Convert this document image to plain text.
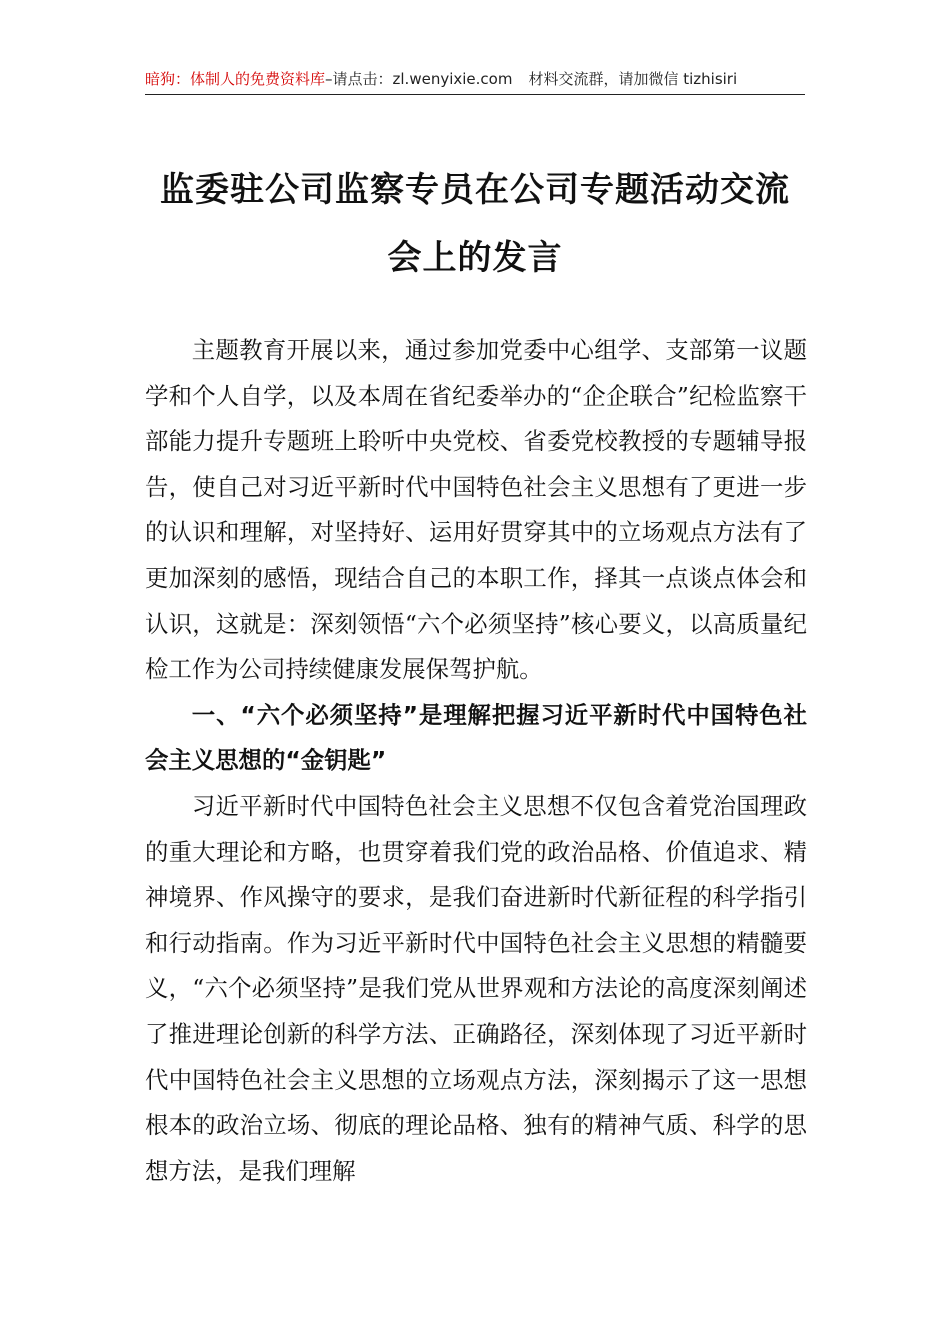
暗狗：体制人的免费资料库–请点击：zl.wenyixie.com 材料交流群，请加微信 tizhisiri
监委驻公司监察专员在公司专题活动交流
会上的发言

主题教育开展以来，通过参加党委中心组学、支部第一议题学和个人自学，以及本周在省纪委举办的“企企联合”纪检监察干部能力提升专题班上聆听中央党校、省委党校教授的专题辅导报告，使自己对习近平新时代中国特色社会主义思想有了更进一步的认识和理解，对坚持好、运用好贯穿其中的立场观点方法有了更加深刻的感悟，现结合自己的本职工作，择其一点谈点体会和认识，这就是：深刻领悟“六个必须坚持”核心要义，以高质量纪检工作为公司持续健康发展保驾护航。

一、“六个必须坚持”是理解把握习近平新时代中国特色社会主义思想的“金钥匙”

习近平新时代中国特色社会主义思想不仅包含着党治国理政的重大理论和方略，也贯穿着我们党的政治品格、价值追求、精神境界、作风操守的要求，是我们奋进新时代新征程的科学指引和行动指南。作为习近平新时代中国特色社会主义思想的精髓要义，“六个必须坚持”是我们党从世界观和方法论的高度深刻阐述了推进理论创新的科学方法、正确路径，深刻体现了习近平新时代中国特色社会主义思想的立场观点方法，深刻揭示了这一思想根本的政治立场、彻底的理论品格、独有的精神气质、科学的思想方法，是我们理解
